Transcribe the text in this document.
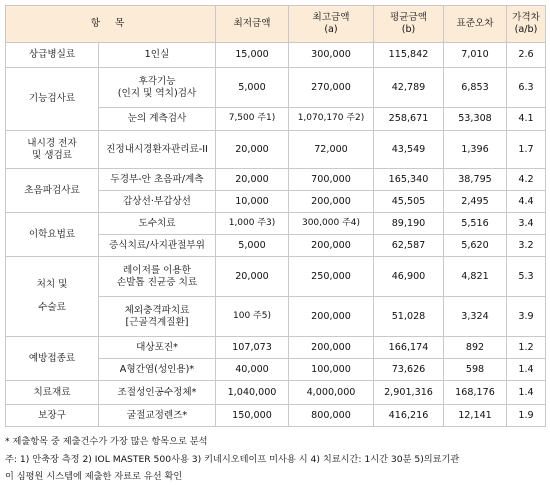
항 목		최저금액	최고금액
(a)	평균금액
(b)	표준오차	가격차
(a/b)
상급병실료	1인실	15,000	300,000	115,842	7,010	2.6
기능검사료	후각기능
(인지 및 역치)검사	5,000	270,000	42,789	6,853	6.3
	눈의 계측검사	7,500 주1)	1,070,170 주2)	258,671	53,308	4.1
내시경 전자
및 생검료	진정내시경환자관리료-II	20,000	72,000	43,549	1,396	1.7
초음파검사료	두경부-안 초음파/계측	20,000	700,000	165,340	38,795	4.2
	갑상선·부갑상선	10,000	200,000	45,505	2,495	4.4
이학요법료	도수치료	1,000 주3)	300,000 주4)	89,190	5,516	3.4
	증식치료/사지관절부위	5,000	200,000	62,587	5,620	3.2
처치 및

수술료	레이저를 이용한
손발톱 진균증 치료	20,000	250,000	46,900	4,821	5.3
	체외충격파치료
[근골격계질환]	100 주5)	200,000	51,028	3,324	3.9
예방접종료	대상포진*	107,073	200,000	166,174	892	1.2
	A형간염(성인용)*	40,000	100,000	73,626	598	1.4
치료재료	조절성인공수정체*	1,040,000	4,000,000	2,901,316	168,176	1.4
보장구	굴절교정렌즈*	150,000	800,000	416,216	12,141	1.9
* 제출항목 중 제출건수가 가장 많은 항목으로 분석
주: 1) 안축장 측정 2) IOL MASTER 500사용 3) 키네시오테이프 미사용 시 4) 치료시간: 1시간 30분 5)의료기관
이 심평원 시스템에 제출한 자료로 유선 확인
